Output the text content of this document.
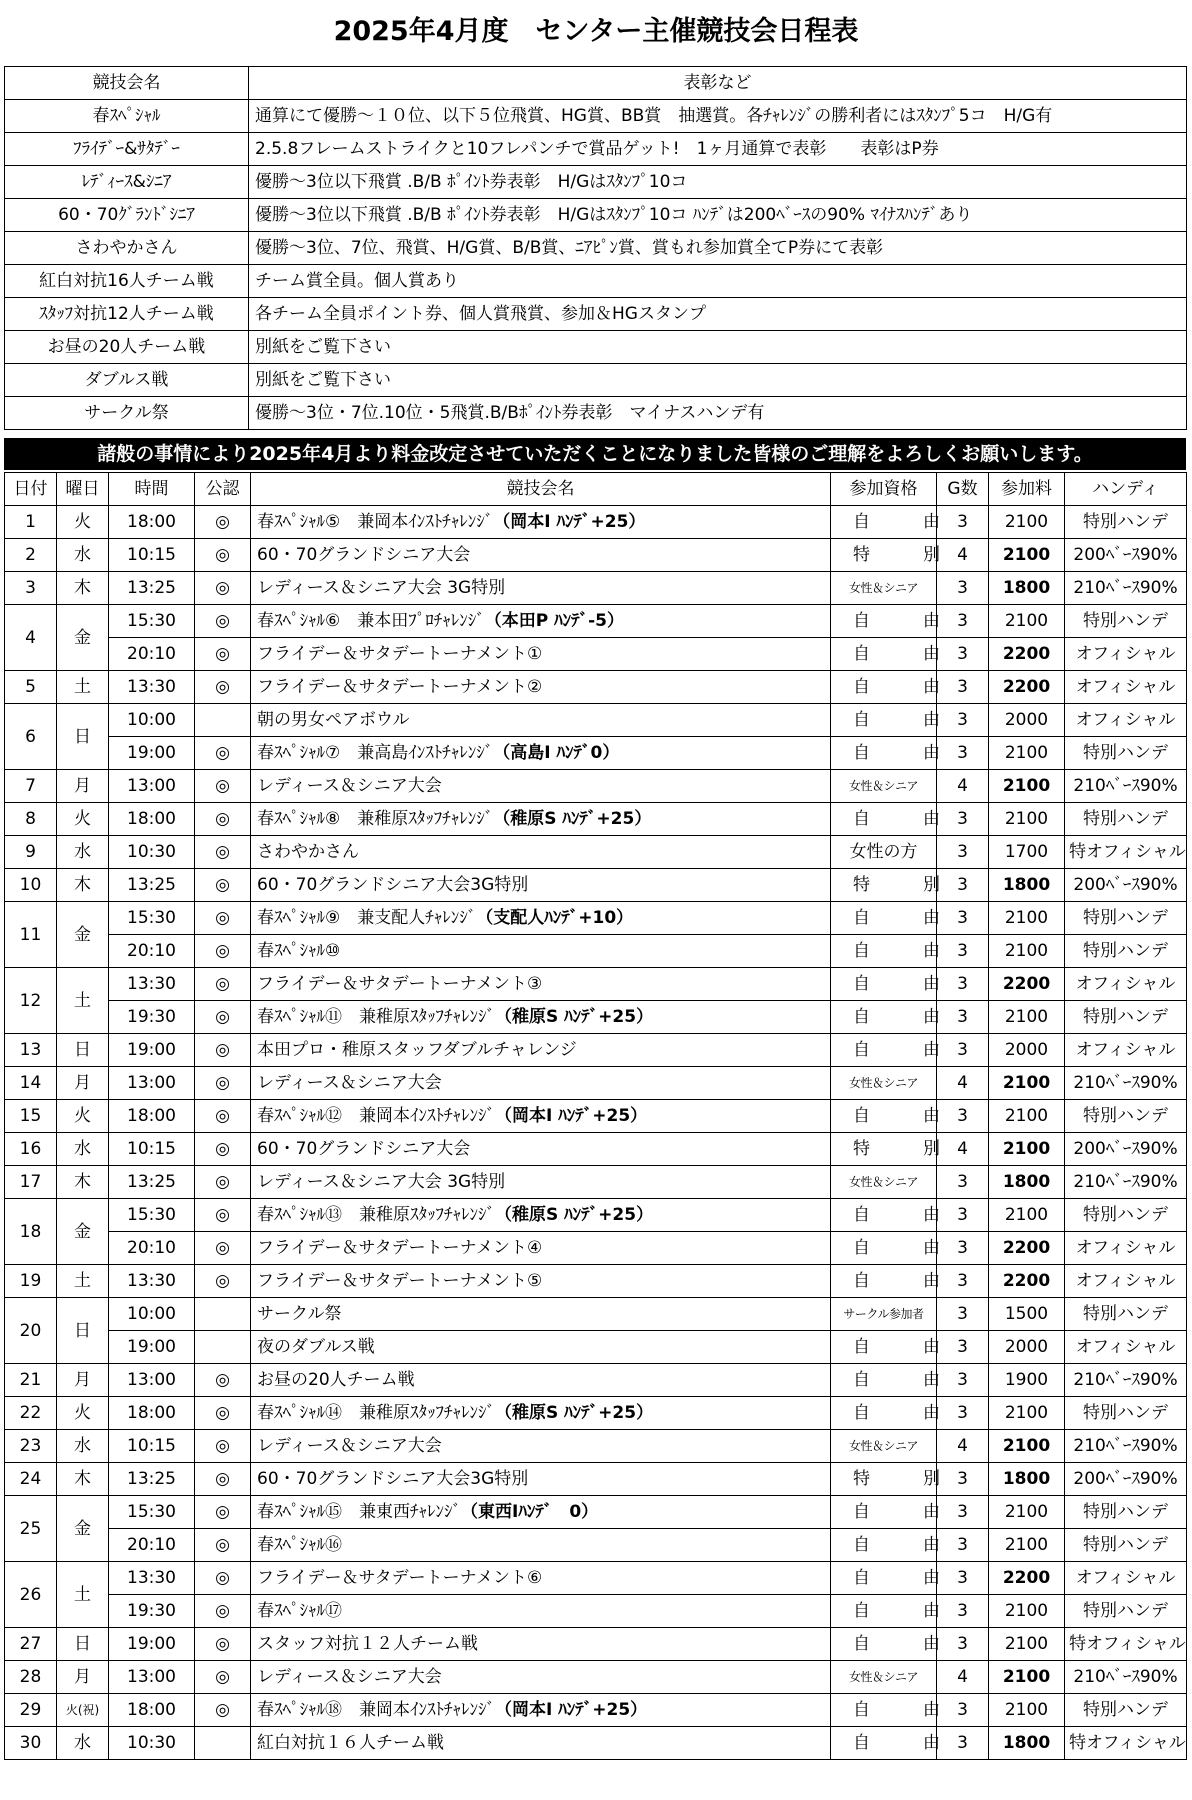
2025年4月度　センター主催競技会日程表
競技会名	表彰など
春ｽﾍﾟｼｬﾙ	通算にて優勝～１０位、以下５位飛賞、HG賞、BB賞　抽選賞。各ﾁｬﾚﾝｼﾞの勝利者にはｽﾀﾝﾌﾟ5コ　H/G有
ﾌﾗｲﾃﾞｰ&ｻﾀﾃﾞｰ	2.5.8フレームストライクと10フレパンチで賞品ゲット!　1ヶ月通算で表彰　　表彰はP券
ﾚﾃﾞｨｰｽ&ｼﾆｱ	優勝～3位以下飛賞 .B/B ﾎﾟｲﾝﾄ券表彰　H/Gはｽﾀﾝﾌﾟ10コ
60・70ｸﾞﾗﾝﾄﾞｼﾆｱ	優勝～3位以下飛賞 .B/B ﾎﾟｲﾝﾄ券表彰　H/Gはｽﾀﾝﾌﾟ10コ ﾊﾝﾃﾞは200ﾍﾞｰｽの90% ﾏｲﾅｽﾊﾝﾃﾞあり
さわやかさん	優勝～3位、7位、飛賞、H/G賞、B/B賞、ﾆｱﾋﾟﾝ賞、賞もれ参加賞全てP券にて表彰
紅白対抗16人チーム戦	チーム賞全員。個人賞あり
ｽﾀｯﾌ対抗12人チーム戦	各チーム全員ポイント券、個人賞飛賞、参加＆HGスタンプ
お昼の20人チーム戦	別紙をご覧下さい
ダブルス戦	別紙をご覧下さい
サークル祭	優勝～3位・7位.10位・5飛賞.B/Bﾎﾟｲﾝﾄ券表彰　マイナスハンデ有
諸般の事情により2025年4月より料金改定させていただくことになりました皆様のご理解をよろしくお願いします。
日付	曜日	時間	公認	競技会名	参加資格	G数	参加料	ハンディ
1	火	18:00	◎	春ｽﾍﾟｼｬﾙ⑤　兼岡本ｲﾝｽﾄﾁｬﾚﾝｼﾞ（岡本I ﾊﾝﾃﾞ+25）	自　由	3	2100	特別ハンデ
2	水	10:15	◎	60・70グランドシニア大会	特　別	4	2100	200ﾍﾞｰｽ90%
3	木	13:25	◎	レディース＆シニア大会 3G特別	女性＆シニア	3	1800	210ﾍﾞｰｽ90%
4	金	15:30	◎	春ｽﾍﾟｼｬﾙ⑥　兼本田ﾌﾟﾛﾁｬﾚﾝｼﾞ（本田P ﾊﾝﾃﾞ-5）	自　由	3	2100	特別ハンデ
		20:10	◎	フライデー＆サタデートーナメント①	自　由	3	2200	オフィシャル
5	土	13:30	◎	フライデー＆サタデートーナメント②	自　由	3	2200	オフィシャル
6	日	10:00		朝の男女ペアボウル	自　由	3	2000	オフィシャル
		19:00	◎	春ｽﾍﾟｼｬﾙ⑦　兼高島ｲﾝｽﾄﾁｬﾚﾝｼﾞ（高島I ﾊﾝﾃﾞ0）	自　由	3	2100	特別ハンデ
7	月	13:00	◎	レディース＆シニア大会	女性＆シニア	4	2100	210ﾍﾞｰｽ90%
8	火	18:00	◎	春ｽﾍﾟｼｬﾙ⑧　兼稚原ｽﾀｯﾌﾁｬﾚﾝｼﾞ（稚原S ﾊﾝﾃﾞ+25）	自　由	3	2100	特別ハンデ
9	水	10:30	◎	さわやかさん	女性の方	3	1700	特オフィシャル
10	木	13:25	◎	60・70グランドシニア大会3G特別	特　別	3	1800	200ﾍﾞｰｽ90%
11	金	15:30	◎	春ｽﾍﾟｼｬﾙ⑨　兼支配人ﾁｬﾚﾝｼﾞ（支配人ﾊﾝﾃﾞ+10）	自　由	3	2100	特別ハンデ
		20:10	◎	春ｽﾍﾟｼｬﾙ⑩	自　由	3	2100	特別ハンデ
12	土	13:30	◎	フライデー＆サタデートーナメント③	自　由	3	2200	オフィシャル
		19:30	◎	春ｽﾍﾟｼｬﾙ⑪　兼稚原ｽﾀｯﾌﾁｬﾚﾝｼﾞ（稚原S ﾊﾝﾃﾞ+25）	自　由	3	2100	特別ハンデ
13	日	19:00	◎	本田プロ・稚原スタッフダブルチャレンジ	自　由	3	2000	オフィシャル
14	月	13:00	◎	レディース＆シニア大会	女性＆シニア	4	2100	210ﾍﾞｰｽ90%
15	火	18:00	◎	春ｽﾍﾟｼｬﾙ⑫　兼岡本ｲﾝｽﾄﾁｬﾚﾝｼﾞ（岡本I ﾊﾝﾃﾞ+25）	自　由	3	2100	特別ハンデ
16	水	10:15	◎	60・70グランドシニア大会	特　別	4	2100	200ﾍﾞｰｽ90%
17	木	13:25	◎	レディース＆シニア大会 3G特別	女性＆シニア	3	1800	210ﾍﾞｰｽ90%
18	金	15:30	◎	春ｽﾍﾟｼｬﾙ⑬　兼稚原ｽﾀｯﾌﾁｬﾚﾝｼﾞ（稚原S ﾊﾝﾃﾞ+25）	自　由	3	2100	特別ハンデ
		20:10	◎	フライデー＆サタデートーナメント④	自　由	3	2200	オフィシャル
19	土	13:30	◎	フライデー＆サタデートーナメント⑤	自　由	3	2200	オフィシャル
20	日	10:00		サークル祭	サークル参加者	3	1500	特別ハンデ
		19:00		夜のダブルス戦	自　由	3	2000	オフィシャル
21	月	13:00	◎	お昼の20人チーム戦	自　由	3	1900	210ﾍﾞｰｽ90%
22	火	18:00	◎	春ｽﾍﾟｼｬﾙ⑭　兼稚原ｽﾀｯﾌﾁｬﾚﾝｼﾞ（稚原S ﾊﾝﾃﾞ+25）	自　由	3	2100	特別ハンデ
23	水	10:15	◎	レディース＆シニア大会	女性＆シニア	4	2100	210ﾍﾞｰｽ90%
24	木	13:25	◎	60・70グランドシニア大会3G特別	特　別	3	1800	200ﾍﾞｰｽ90%
25	金	15:30	◎	春ｽﾍﾟｼｬﾙ⑮　兼東西ﾁｬﾚﾝｼﾞ（東西Iﾊﾝﾃﾞ　0）	自　由	3	2100	特別ハンデ
		20:10	◎	春ｽﾍﾟｼｬﾙ⑯	自　由	3	2100	特別ハンデ
26	土	13:30	◎	フライデー＆サタデートーナメント⑥	自　由	3	2200	オフィシャル
		19:30	◎	春ｽﾍﾟｼｬﾙ⑰	自　由	3	2100	特別ハンデ
27	日	19:00	◎	スタッフ対抗１２人チーム戦	自　由	3	2100	特オフィシャル
28	月	13:00	◎	レディース＆シニア大会	女性＆シニア	4	2100	210ﾍﾞｰｽ90%
29	火(祝)	18:00	◎	春ｽﾍﾟｼｬﾙ⑱　兼岡本ｲﾝｽﾄﾁｬﾚﾝｼﾞ（岡本I ﾊﾝﾃﾞ+25）	自　由	3	2100	特別ハンデ
30	水	10:30		紅白対抗１６人チーム戦	自　由	3	1800	特オフィシャル
